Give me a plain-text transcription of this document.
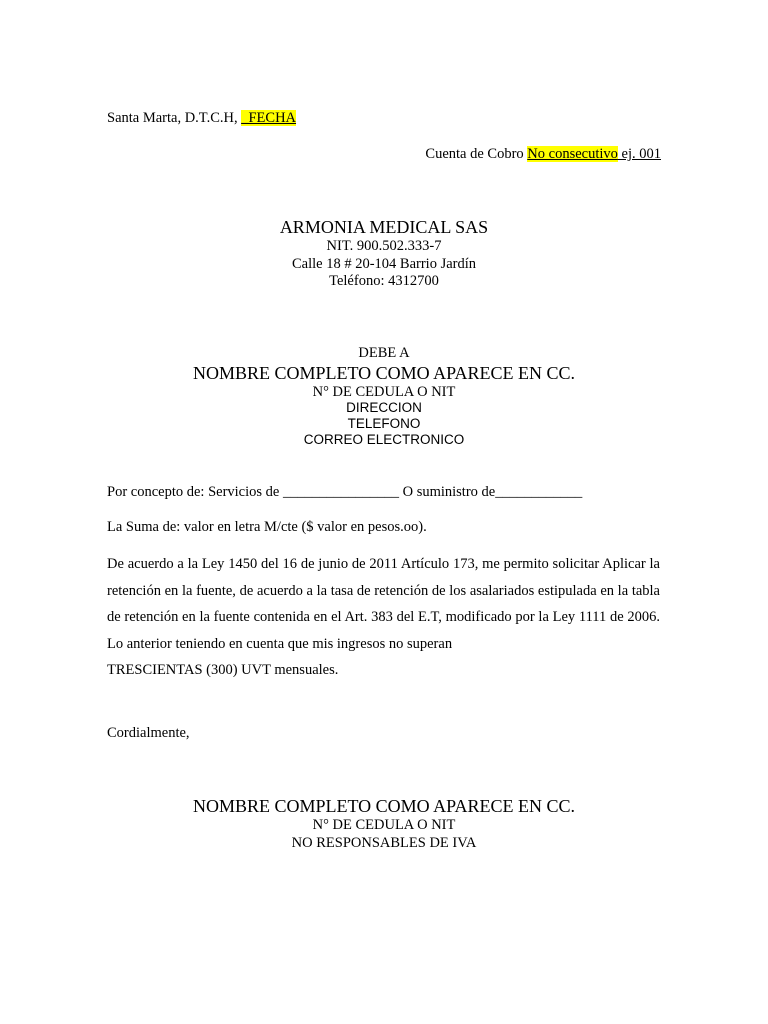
Santa Marta, D.T.C.H, _FECHA
Cuenta de Cobro No consecutivo ej. 001
ARMONIA MEDICAL SAS
NIT. 900.502.333-7
Calle 18 # 20-104 Barrio Jardín
Teléfono: 4312700
DEBE A
NOMBRE COMPLETO COMO APARECE EN CC.
N° DE CEDULA O NIT
DIRECCION
TELEFONO
CORREO ELECTRONICO
Por concepto de: Servicios de ________________ O suministro de____________
La Suma de: valor en letra M/cte ($ valor en pesos.oo).
De acuerdo a la Ley 1450 del 16 de junio de 2011 Artículo 173, me permito solicitar Aplicar la retención en la fuente, de acuerdo a la tasa de retención de los asalariados estipulada en la tabla de retención en la fuente contenida en el Art. 383 del E.T, modificado por la Ley 1111 de 2006. Lo anterior teniendo en cuenta que mis ingresos no superan
TRESCIENTAS (300) UVT mensuales.
Cordialmente,
NOMBRE COMPLETO COMO APARECE EN CC.
N° DE CEDULA O NIT
NO RESPONSABLES DE IVA
